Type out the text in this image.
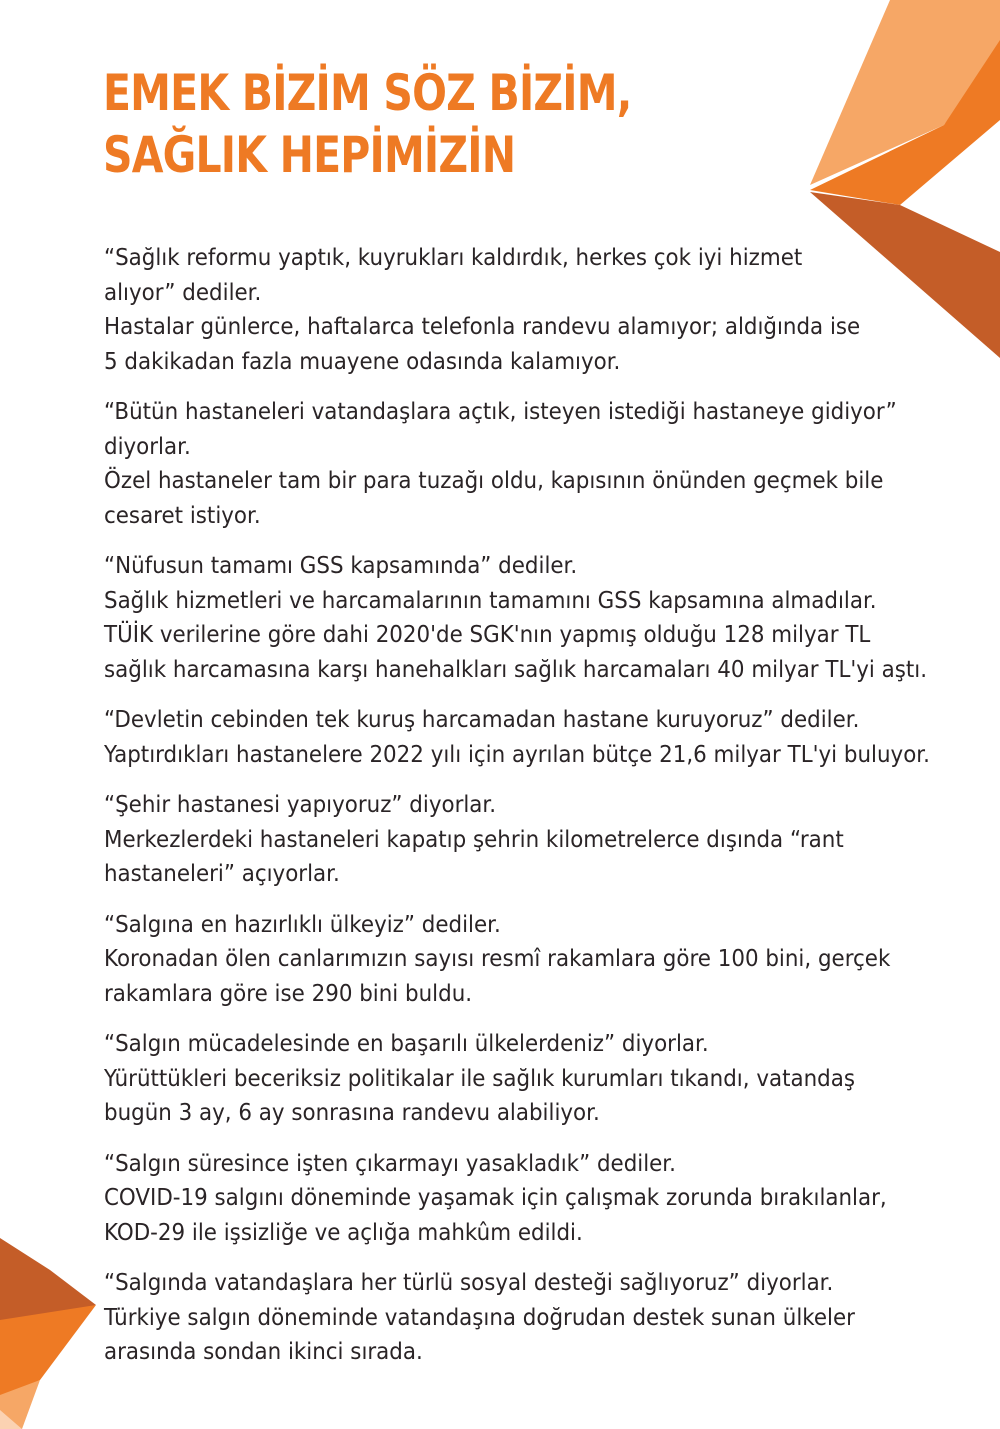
EMEK BİZİM SÖZ BİZİM,
SAĞLIK HEPİMİZİN

“Sağlık reformu yaptık, kuyrukları kaldırdık, herkes çok iyi hizmet
alıyor” dediler.
Hastalar günlerce, haftalarca telefonla randevu alamıyor; aldığında ise
5 dakikadan fazla muayene odasında kalamıyor.

“Bütün hastaneleri vatandaşlara açtık, isteyen istediği hastaneye gidiyor”
diyorlar.
Özel hastaneler tam bir para tuzağı oldu, kapısının önünden geçmek bile
cesaret istiyor.

“Nüfusun tamamı GSS kapsamında” dediler.
Sağlık hizmetleri ve harcamalarının tamamını GSS kapsamına almadılar.
TÜİK verilerine göre dahi 2020'de SGK'nın yapmış olduğu 128 milyar TL
sağlık harcamasına karşı hanehalkları sağlık harcamaları 40 milyar TL'yi aştı.

“Devletin cebinden tek kuruş harcamadan hastane kuruyoruz” dediler.
Yaptırdıkları hastanelere 2022 yılı için ayrılan bütçe 21,6 milyar TL'yi buluyor.

“Şehir hastanesi yapıyoruz” diyorlar.
Merkezlerdeki hastaneleri kapatıp şehrin kilometrelerce dışında “rant
hastaneleri” açıyorlar.

“Salgına en hazırlıklı ülkeyiz” dediler.
Koronadan ölen canlarımızın sayısı resmî rakamlara göre 100 bini, gerçek
rakamlara göre ise 290 bini buldu.

“Salgın mücadelesinde en başarılı ülkelerdeniz” diyorlar.
Yürüttükleri beceriksiz politikalar ile sağlık kurumları tıkandı, vatandaş
bugün 3 ay, 6 ay sonrasına randevu alabiliyor.

“Salgın süresince işten çıkarmayı yasakladık” dediler.
COVID-19 salgını döneminde yaşamak için çalışmak zorunda bırakılanlar,
KOD-29 ile işsizliğe ve açlığa mahkûm edildi.

“Salgında vatandaşlara her türlü sosyal desteği sağlıyoruz” diyorlar.
Türkiye salgın döneminde vatandaşına doğrudan destek sunan ülkeler
arasında sondan ikinci sırada.
